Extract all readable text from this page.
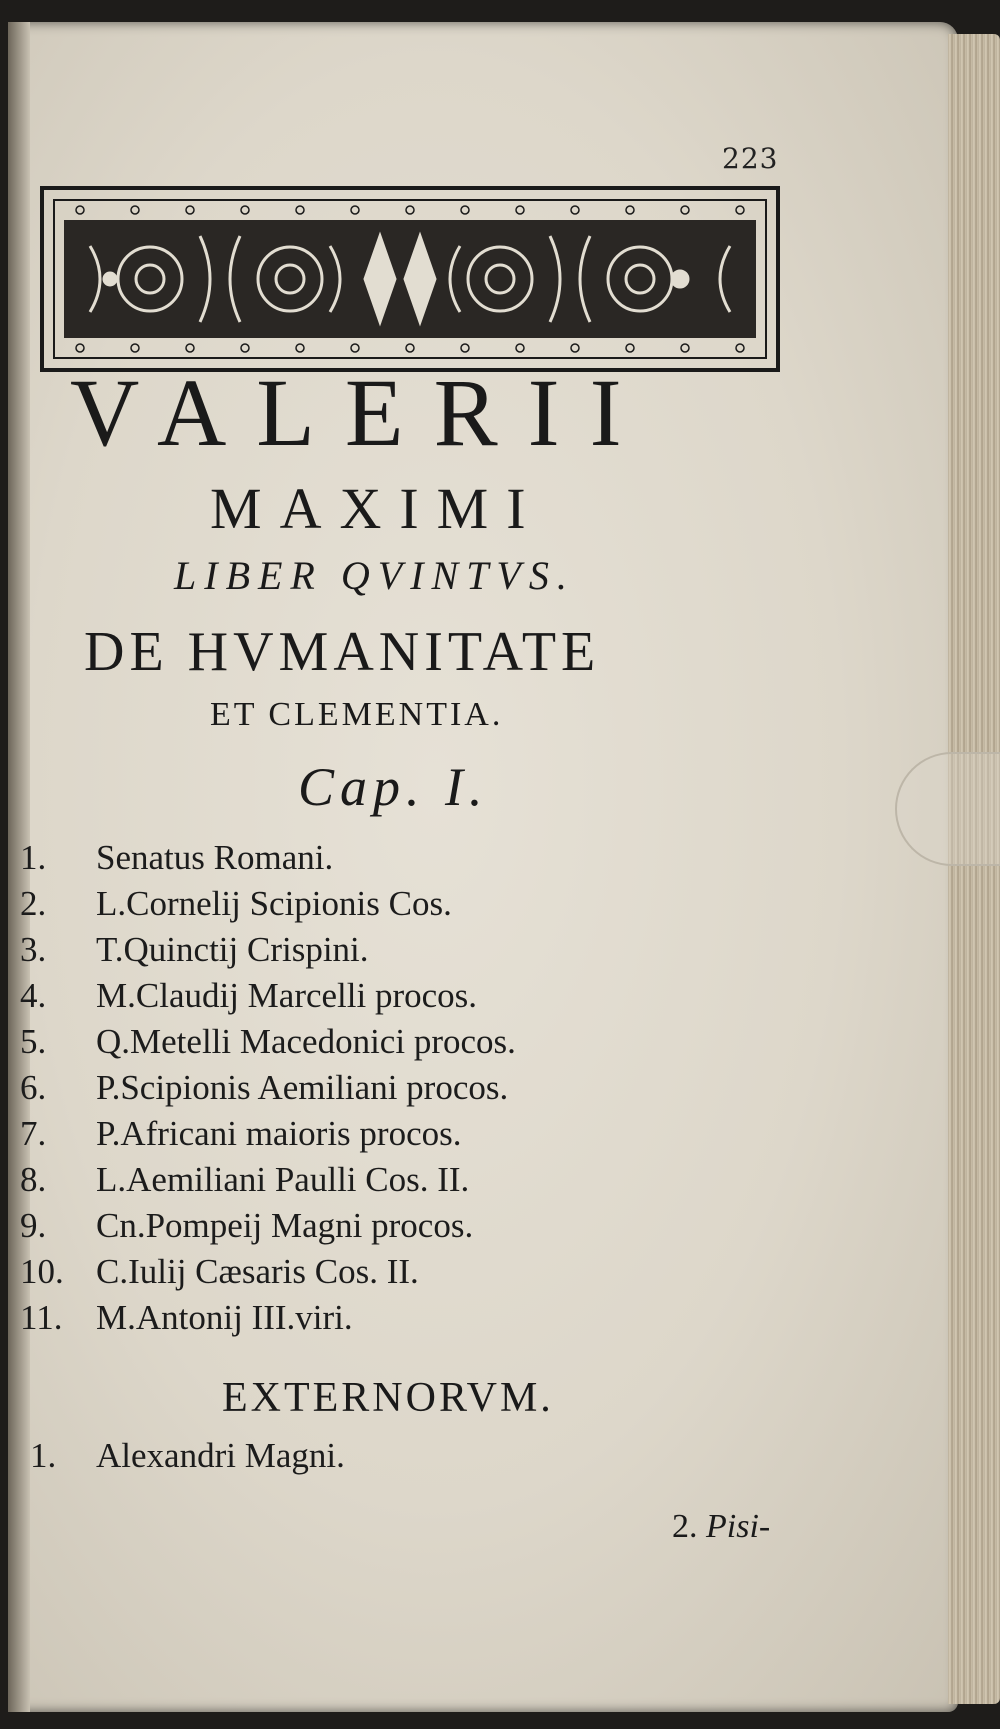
223
VALERII
MAXIMI
LIBER QVINTVS.
DE HVMANITATE
ET CLEMENTIA.
Cap. I.
1.	Senatus Romani.
2.	L.Cornelij Scipionis Cos.
3.	T.Quinctij Crispini.
4.	M.Claudij Marcelli procos.
5.	Q.Metelli Macedonici procos.
6.	P.Scipionis Aemiliani procos.
7.	P.Africani maioris procos.
8.	L.Aemiliani Paulli Cos. II.
9.	Cn.Pompeij Magni procos.
10. C.Iulij Cæsaris Cos. II.
11. M.Antonij III.viri.
EXTERNORVM.
1. Alexandri Magni.
2. Pisi-
